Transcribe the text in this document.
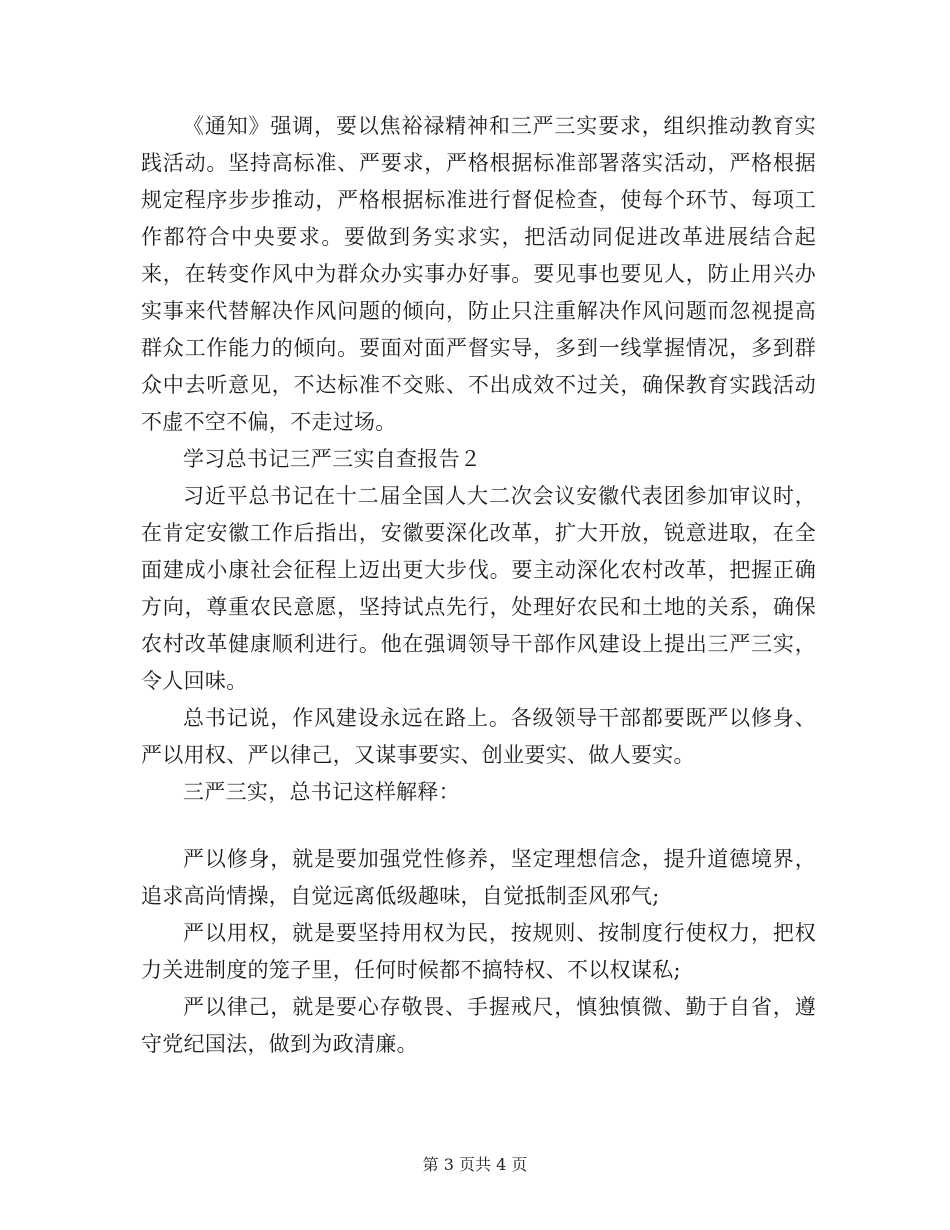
《通知》强调，要以焦裕禄精神和三严三实要求，组织推动教育实践活动。坚持高标准、严要求，严格根据标准部署落实活动，严格根据规定程序步步推动，严格根据标准进行督促检查，使每个环节、每项工作都符合中央要求。要做到务实求实，把活动同促进改革进展结合起来，在转变作风中为群众办实事办好事。要见事也要见人，防止用兴办实事来代替解决作风问题的倾向，防止只注重解决作风问题而忽视提高群众工作能力的倾向。要面对面严督实导，多到一线掌握情况，多到群众中去听意见，不达标准不交账、不出成效不过关，确保教育实践活动不虚不空不偏，不走过场。

学习总书记三严三实自查报告２

习近平总书记在十二届全国人大二次会议安徽代表团参加审议时，在肯定安徽工作后指出，安徽要深化改革，扩大开放，锐意进取，在全面建成小康社会征程上迈出更大步伐。要主动深化农村改革，把握正确方向，尊重农民意愿，坚持试点先行，处理好农民和土地的关系，确保农村改革健康顺利进行。他在强调领导干部作风建设上提出三严三实，令人回味。

总书记说，作风建设永远在路上。各级领导干部都要既严以修身、严以用权、严以律己，又谋事要实、创业要实、做人要实。

三严三实，总书记这样解释：

严以修身，就是要加强党性修养，坚定理想信念，提升道德境界，追求高尚情操，自觉远离低级趣味，自觉抵制歪风邪气;

严以用权，就是要坚持用权为民，按规则、按制度行使权力，把权力关进制度的笼子里，任何时候都不搞特权、不以权谋私;

严以律己，就是要心存敬畏、手握戒尺，慎独慎微、勤于自省，遵守党纪国法，做到为政清廉。

第 3 页共 4 页
